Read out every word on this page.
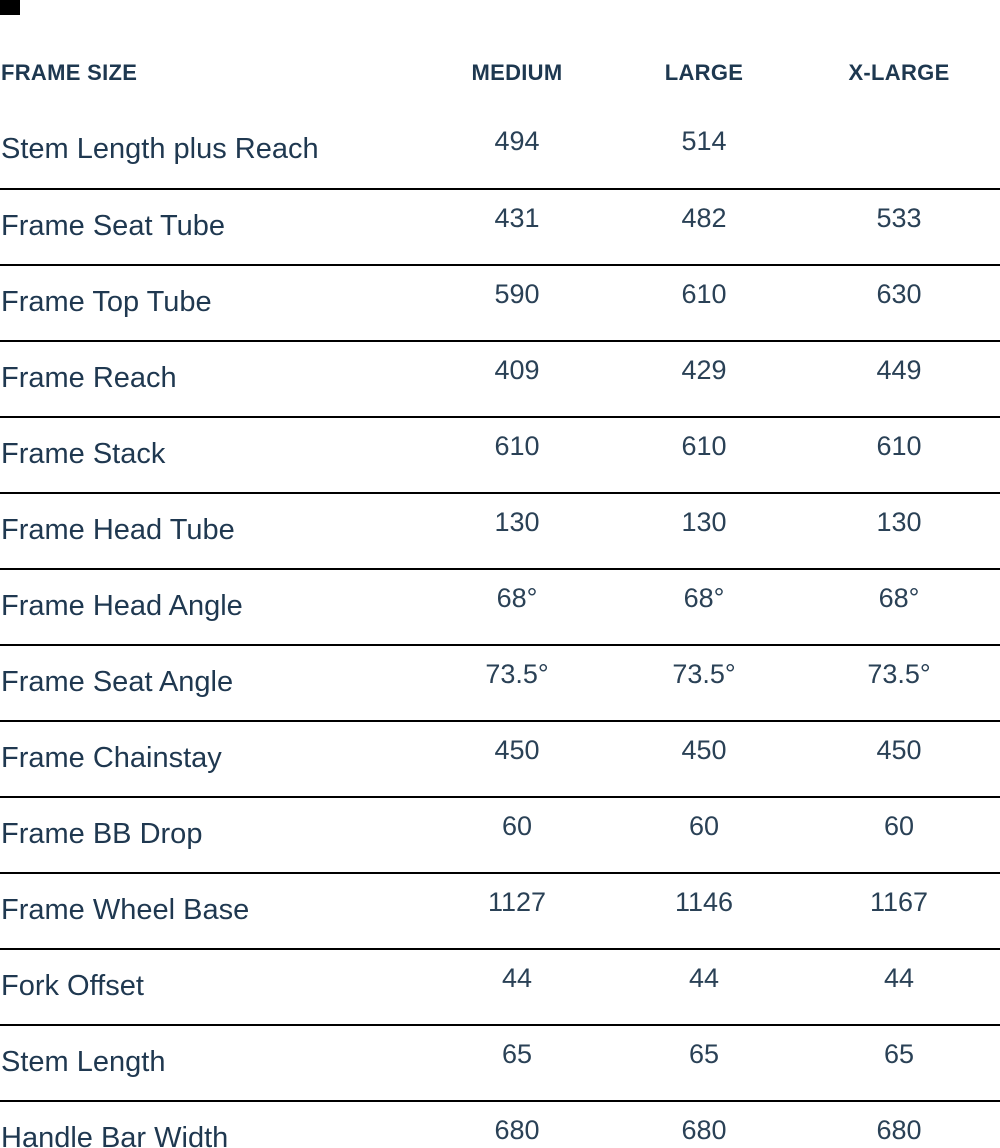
FRAME SIZE	MEDIUM	LARGE	X-LARGE
Stem Length plus Reach	494	514	
Frame Seat Tube	431	482	533
Frame Top Tube	590	610	630
Frame Reach	409	429	449
Frame Stack	610	610	610
Frame Head Tube	130	130	130
Frame Head Angle	68°	68°	68°
Frame Seat Angle	73.5°	73.5°	73.5°
Frame Chainstay	450	450	450
Frame BB Drop	60	60	60
Frame Wheel Base	1127	1146	1167
Fork Offset	44	44	44
Stem Length	65	65	65
Handle Bar Width	680	680	680
